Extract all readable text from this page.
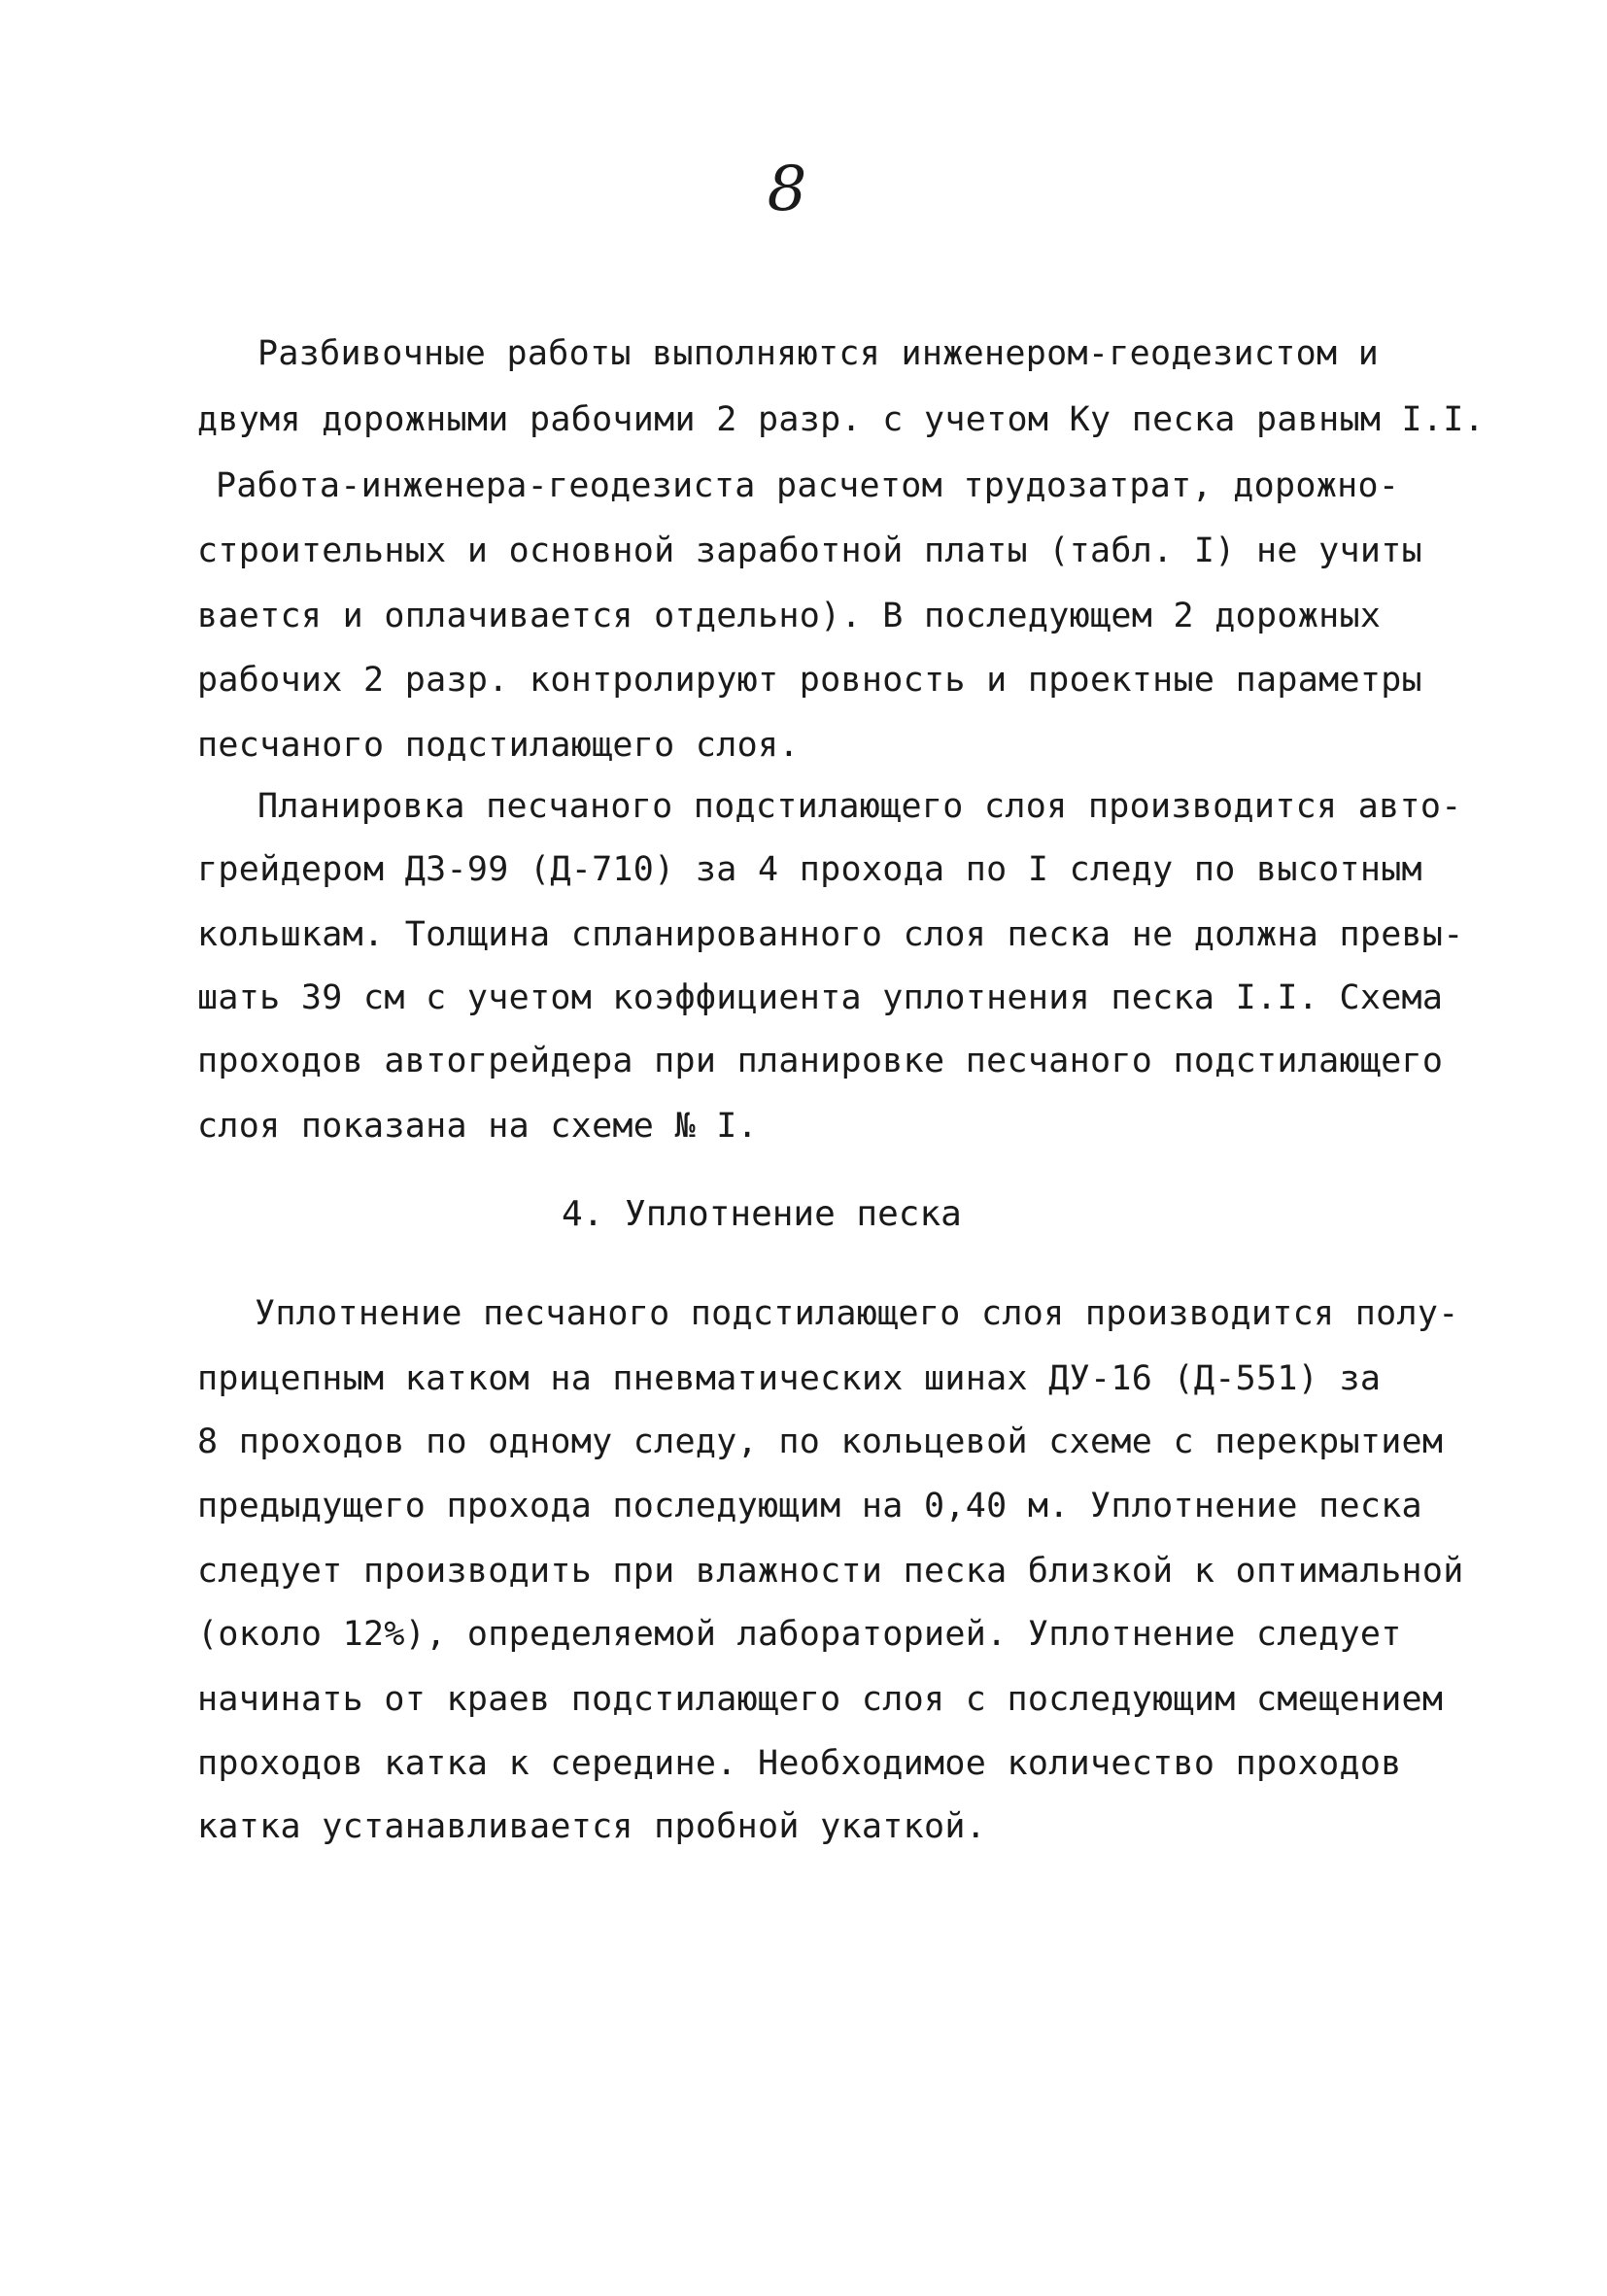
8
Разбивочные работы выполняются инженером-геодезистом и
двумя дорожными рабочими 2 разр. с учетом Ку песка равным I.I.
Работа-инженера-геодезиста расчетом трудозатрат, дорожно-
строительных и основной заработной платы (табл. I) не учиты
вается и оплачивается отдельно). В последующем 2 дорожных
рабочих 2 разр. контролируют ровность и проектные параметры
песчаного подстилающего слоя.
Планировка песчаного подстилающего слоя производится авто-
грейдером ДЗ-99 (Д-710) за 4 прохода по I следу по высотным
кольшкам. Толщина спланированного слоя песка не должна превы-
шать 39 см с учетом коэффициента уплотнения песка I.I. Схема
проходов автогрейдера при планировке песчаного подстилающего
слоя показана на схеме № I.
4. Уплотнение песка
Уплотнение песчаного подстилающего слоя производится полу-
прицепным катком на пневматических шинах ДУ-16 (Д-551) за
8 проходов по одному следу, по кольцевой схеме с перекрытием
предыдущего прохода последующим на 0,40 м. Уплотнение песка
следует производить при влажности песка близкой к оптимальной
(около 12%), определяемой лабораторией. Уплотнение следует
начинать от краев подстилающего слоя с последующим смещением
проходов катка к середине. Необходимое количество проходов
катка устанавливается пробной укаткой.
